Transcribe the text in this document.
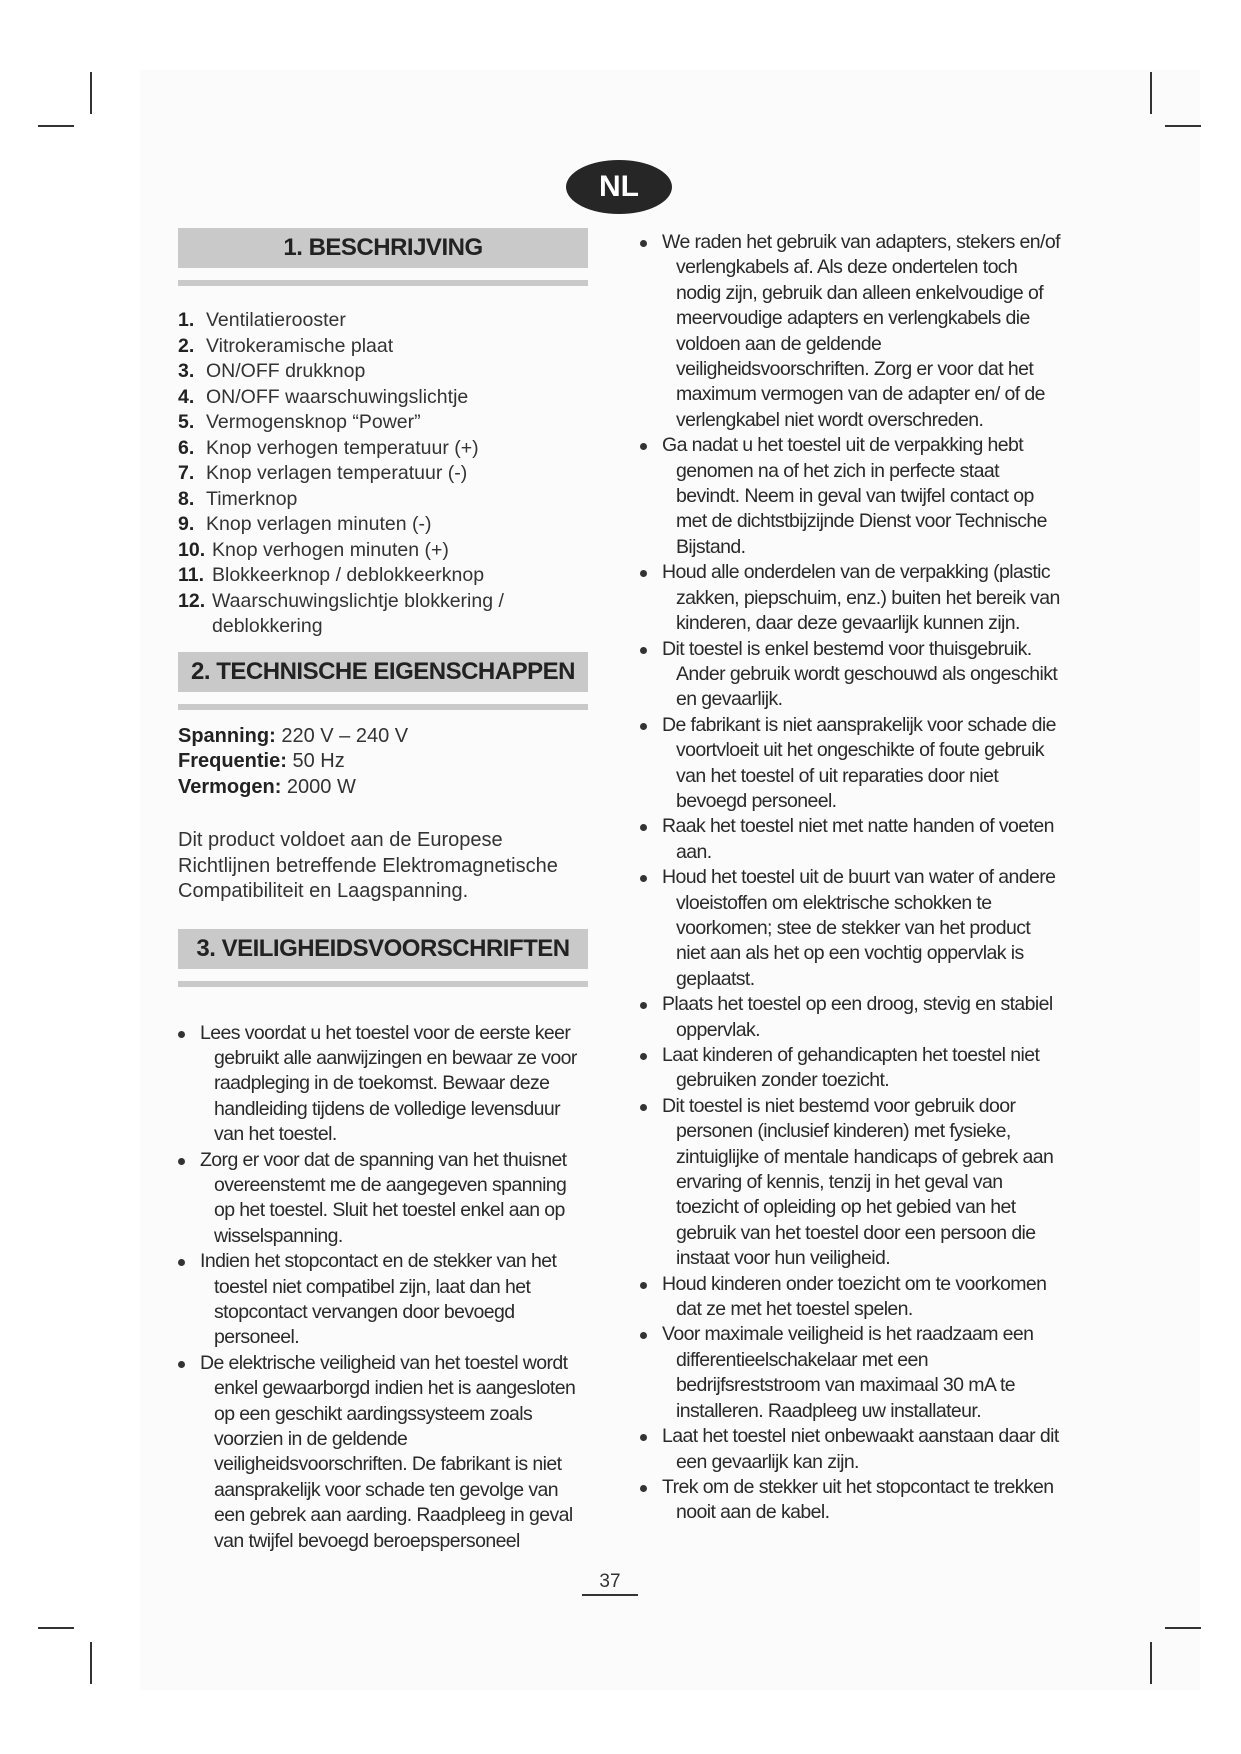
NL
1. BESCHRIJVING
1. Ventilatierooster
2. Vitrokeramische plaat
3. ON/OFF drukknop
4. ON/OFF waarschuwingslichtje
5. Vermogensknop “Power”
6. Knop verhogen temperatuur (+)
7. Knop verlagen temperatuur (-)
8. Timerknop
9. Knop verlagen minuten (-)
10. Knop verhogen minuten (+)
11. Blokkeerknop / deblokkeerknop
12. Waarschuwingslichtje blokkering / deblokkering
2. TECHNISCHE EIGENSCHAPPEN
Spanning: 220 V – 240 V
Frequentie: 50 Hz
Vermogen: 2000 W
Dit product voldoet aan de Europese Richtlijnen betreffende Elektromagnetische Compatibiliteit en Laagspanning.
3. VEILIGHEIDSVOORSCHRIFTEN
Lees voordat u het toestel voor de eerste keer gebruikt alle aanwijzingen en bewaar ze voor raadpleging in de toekomst. Bewaar deze handleiding tijdens de volledige levensduur van het toestel.
Zorg er voor dat de spanning van het thuisnet overeenstemt me de aangegeven spanning op het toestel. Sluit het toestel enkel aan op wisselspanning.
Indien het stopcontact en de stekker van het toestel niet compatibel zijn, laat dan het stopcontact vervangen door bevoegd personeel.
De elektrische veiligheid van het toestel wordt enkel gewaarborgd indien het is aangesloten op een geschikt aardingssysteem zoals voorzien in de geldende veiligheidsvoorschriften. De fabrikant is niet aansprakelijk voor schade ten gevolge van een gebrek aan aarding. Raadpleeg in geval van twijfel bevoegd beroepspersoneel
We raden het gebruik van adapters, stekers en/of verlengkabels af. Als deze ondertelen toch nodig zijn, gebruik dan alleen enkelvoudige of meervoudige adapters en verlengkabels die voldoen aan de geldende veiligheidsvoorschriften. Zorg er voor dat het maximum vermogen van de adapter en/ of de verlengkabel niet wordt overschreden.
Ga nadat u het toestel uit de verpakking hebt genomen na of het zich in perfecte staat bevindt. Neem in geval van twijfel contact op met de dichtstbijzijnde Dienst voor Technische Bijstand.
Houd alle onderdelen van de verpakking (plastic zakken, piepschuim, enz.) buiten het bereik van kinderen, daar deze gevaarlijk kunnen zijn.
Dit toestel is enkel bestemd voor thuisgebruik. Ander gebruik wordt geschouwd als ongeschikt en gevaarlijk.
De fabrikant is niet aansprakelijk voor schade die voortvloeit uit het ongeschikte of foute gebruik van het toestel of uit reparaties door niet bevoegd personeel.
Raak het toestel niet met natte handen of voeten aan.
Houd het toestel uit de buurt van water of andere vloeistoffen om elektrische schokken te voorkomen; stee de stekker van het product niet aan als het op een vochtig oppervlak is geplaatst.
Plaats het toestel op een droog, stevig en stabiel oppervlak.
Laat kinderen of gehandicapten het toestel niet gebruiken zonder toezicht.
Dit toestel is niet bestemd voor gebruik door personen (inclusief kinderen) met fysieke, zintuiglijke of mentale handicaps of gebrek aan ervaring of kennis, tenzij in het geval van toezicht of opleiding op het gebied van het gebruik van het toestel door een persoon die instaat voor hun veiligheid.
Houd kinderen onder toezicht om te voorkomen dat ze met het toestel spelen.
Voor maximale veiligheid is het raadzaam een differentieelschakelaar met een bedrijfsreststroom van maximaal 30 mA te installeren. Raadpleeg uw installateur.
Laat het toestel niet onbewaakt aanstaan daar dit een gevaarlijk kan zijn.
Trek om de stekker uit het stopcontact te trekken nooit aan de kabel.
37
